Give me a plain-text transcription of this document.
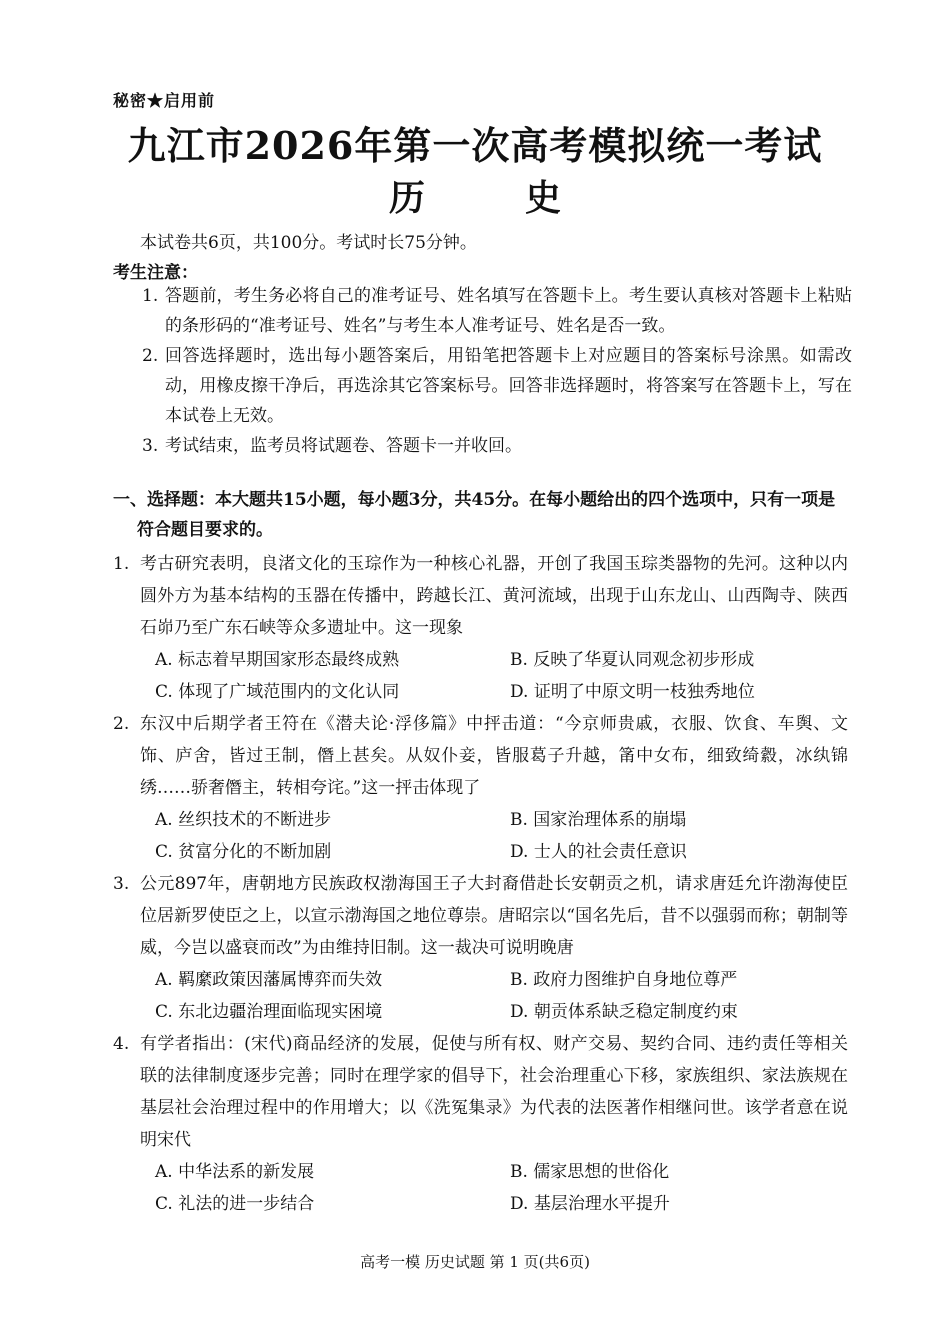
秘密★启用前
九江市2026年第一次高考模拟统一考试
历	史
本试卷共6页，共100分。考试时长75分钟。
考生注意：
1. 答题前，考生务必将自己的准考证号、姓名填写在答题卡上。考生要认真核对答题卡上粘贴的条形码的“准考证号、姓名”与考生本人准考证号、姓名是否一致。
2. 回答选择题时，选出每小题答案后，用铅笔把答题卡上对应题目的答案标号涂黑。如需改动，用橡皮擦干净后，再选涂其它答案标号。回答非选择题时，将答案写在答题卡上，写在本试卷上无效。
3. 考试结束，监考员将试题卷、答题卡一并收回。
一、选择题：本大题共15小题，每小题3分，共45分。在每小题给出的四个选项中，只有一项是
符合题目要求的。
1. 考古研究表明，良渚文化的玉琮作为一种核心礼器，开创了我国玉琮类器物的先河。这种以内圆外方为基本结构的玉器在传播中，跨越长江、黄河流域，出现于山东龙山、山西陶寺、陕西石峁乃至广东石峡等众多遗址中。这一现象
A. 标志着早期国家形态最终成熟	B. 反映了华夏认同观念初步形成
C. 体现了广域范围内的文化认同	D. 证明了中原文明一枝独秀地位
2. 东汉中后期学者王符在《潜夫论·浮侈篇》中抨击道：“今京师贵戚，衣服、饮食、车舆、文饰、庐舍，皆过王制，僭上甚矣。从奴仆妾，皆服葛子升越，筩中女布，细致绮縠，冰纨锦绣……骄奢僭主，转相夸诧。”这一抨击体现了
A. 丝织技术的不断进步	B. 国家治理体系的崩塌
C. 贫富分化的不断加剧	D. 士人的社会责任意识
3. 公元897年，唐朝地方民族政权渤海国王子大封裔借赴长安朝贡之机，请求唐廷允许渤海使臣位居新罗使臣之上，以宣示渤海国之地位尊崇。唐昭宗以“国名先后，昔不以强弱而称；朝制等威，今岂以盛衰而改”为由维持旧制。这一裁决可说明晚唐
A. 羁縻政策因藩属博弈而失效	B. 政府力图维护自身地位尊严
C. 东北边疆治理面临现实困境	D. 朝贡体系缺乏稳定制度约束
4. 有学者指出：(宋代)商品经济的发展，促使与所有权、财产交易、契约合同、违约责任等相关联的法律制度逐步完善；同时在理学家的倡导下，社会治理重心下移，家族组织、家法族规在基层社会治理过程中的作用增大；以《洗冤集录》为代表的法医著作相继问世。该学者意在说明宋代
A. 中华法系的新发展	B. 儒家思想的世俗化
C. 礼法的进一步结合	D. 基层治理水平提升
高考一模 历史试题 第 1 页(共6页)
